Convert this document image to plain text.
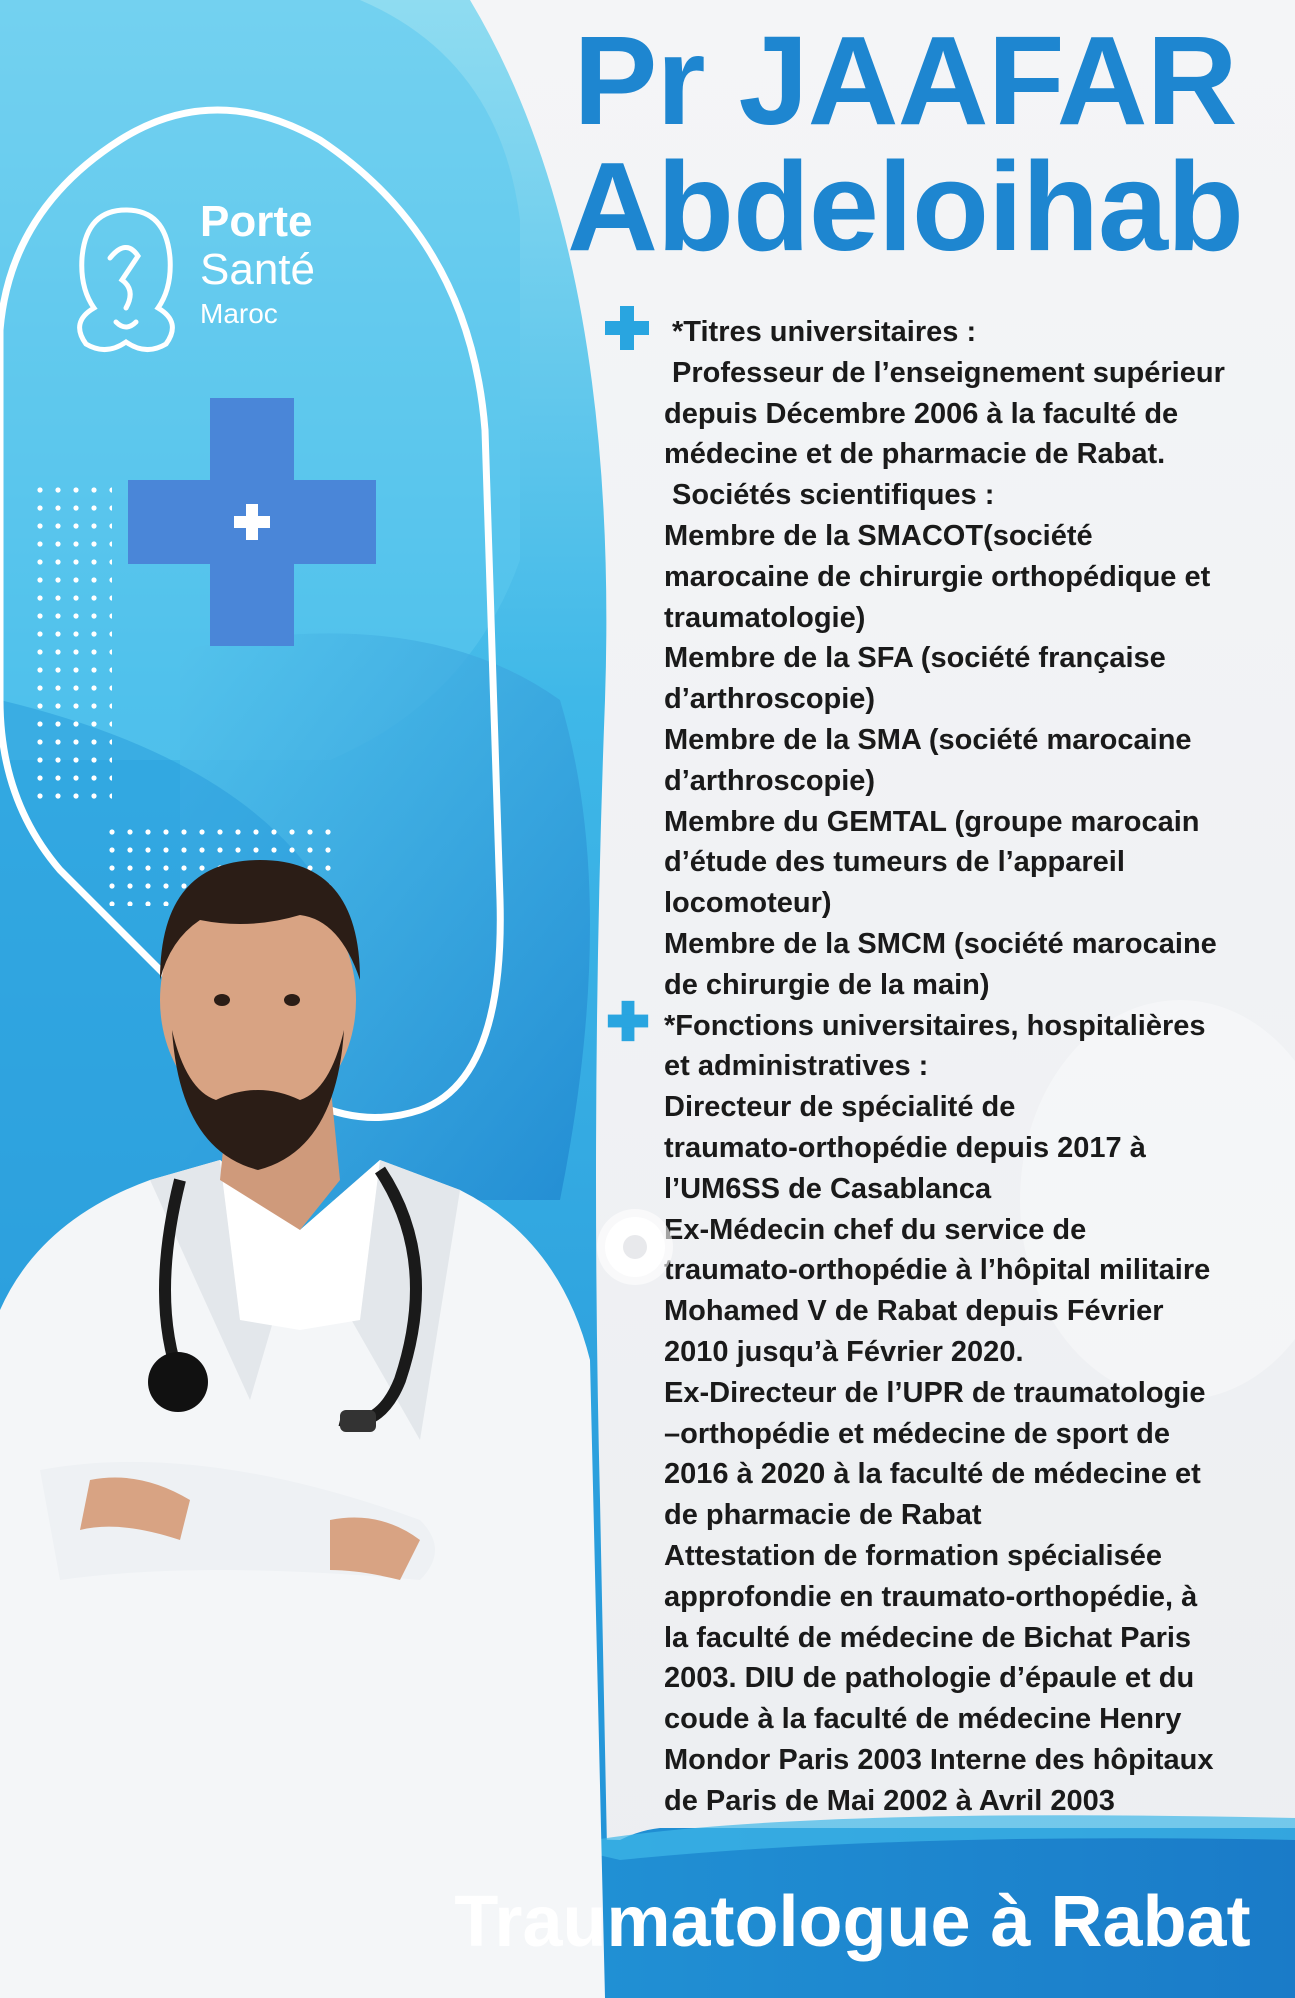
Porte
Santé
Maroc
Pr JAAFAR
Abdeloihab

*Titres universitaires :

Professeur de l’enseignement supérieur

depuis Décembre 2006 à la faculté de

médecine et de pharmacie de Rabat.

Sociétés scientifiques :

Membre de la SMACOT(société

marocaine de chirurgie orthopédique et

traumatologie)

Membre de la SFA (société française

d’arthroscopie)

Membre de la SMA (société marocaine

d’arthroscopie)

Membre du GEMTAL (groupe marocain

d’étude des tumeurs de l’appareil

locomoteur)

Membre de la SMCM (société marocaine

de chirurgie de la main)

*Fonctions universitaires, hospitalières

et administratives :

Directeur de spécialité de

traumato-orthopédie depuis 2017 à

l’UM6SS de Casablanca

Ex-Médecin chef du service de

traumato-orthopédie à l’hôpital militaire

Mohamed V de Rabat depuis Février

2010 jusqu’à Février 2020.

Ex-Directeur de l’UPR de traumatologie

–orthopédie et médecine de sport de

2016 à 2020 à la faculté de médecine et

de pharmacie de Rabat

Attestation de formation spécialisée

approfondie en traumato-orthopédie, à

la faculté de médecine de Bichat Paris

2003. DIU de pathologie d’épaule et du

coude à la faculté de médecine Henry

Mondor Paris 2003 Interne des hôpitaux

de Paris de Mai 2002 à Avril 2003

Traumatologue à Rabat
